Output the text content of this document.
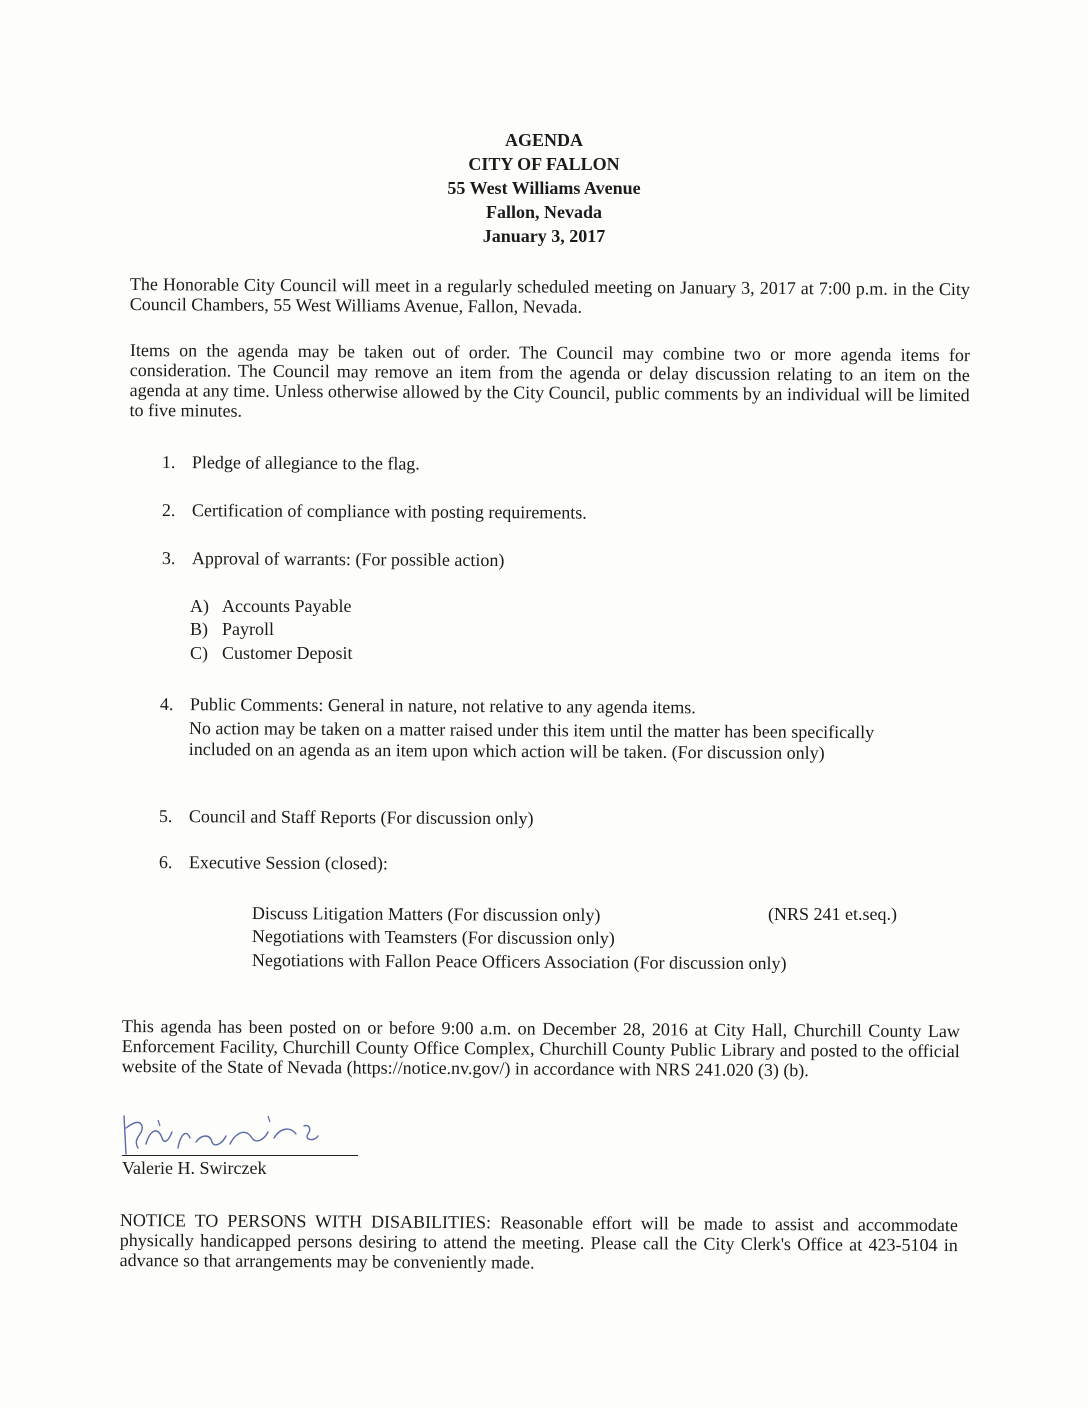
AGENDA
CITY OF FALLON
55 West Williams Avenue
Fallon, Nevada
January 3, 2017
The Honorable City Council will meet in a regularly scheduled meeting on January 3, 2017 at 7:00 p.m. in the City Council Chambers, 55 West Williams Avenue, Fallon, Nevada.
Items on the agenda may be taken out of order. The Council may combine two or more agenda items for consideration. The Council may remove an item from the agenda or delay discussion relating to an item on the agenda at any time. Unless otherwise allowed by the City Council, public comments by an individual will be limited to five minutes.
1. Pledge of allegiance to the flag.
2. Certification of compliance with posting requirements.
3. Approval of warrants: (For possible action)
A) Accounts Payable
B) Payroll
C) Customer Deposit
4. Public Comments: General in nature, not relative to any agenda items.
No action may be taken on a matter raised under this item until the matter has been specifically included on an agenda as an item upon which action will be taken. (For discussion only)
5. Council and Staff Reports (For discussion only)
6. Executive Session (closed):
Discuss Litigation Matters (For discussion only)
Negotiations with Teamsters (For discussion only)
Negotiations with Fallon Peace Officers Association (For discussion only)
(NRS 241 et.seq.)
This agenda has been posted on or before 9:00 a.m. on December 28, 2016 at City Hall, Churchill County Law Enforcement Facility, Churchill County Office Complex, Churchill County Public Library and posted to the official website of the State of Nevada (https://notice.nv.gov/) in accordance with NRS 241.020 (3) (b).
Valerie H. Swirczek
NOTICE TO PERSONS WITH DISABILITIES: Reasonable effort will be made to assist and accommodate physically handicapped persons desiring to attend the meeting. Please call the City Clerk's Office at 423-5104 in advance so that arrangements may be conveniently made.
